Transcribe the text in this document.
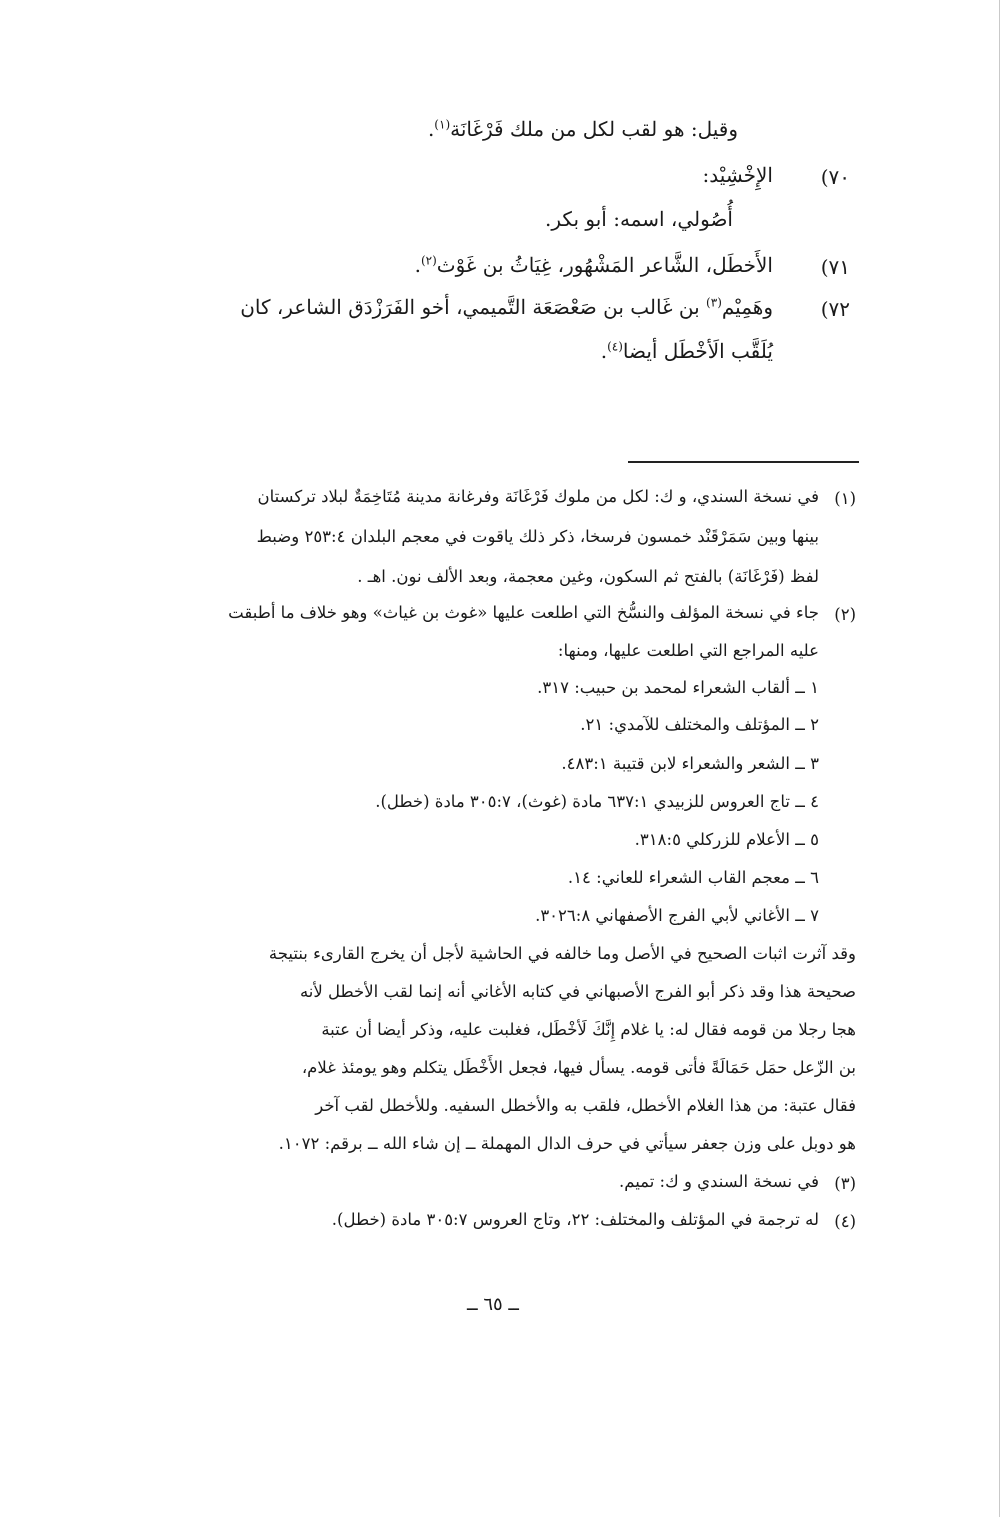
وقيل: هو لقب لكل من ملك فَرْغَانَة$^{(١)}$.
٧٠)
الإِخْشِيْد:
أُصُولي، اسمه: أبو بكر.
٧١)
الأَخطَل، الشَّاعر المَشْهُور، غِيَاثُ بن غَوْث$^{(٢)}$.
٧٢)
وهَمِيْم$^{(٣)}$ بن غَالب بن صَعْصَعَة التَّميمي، أخو الفَرَزْدَق الشاعر، كان
يُلَقَّب الَأخْطَل أيضا$^{(٤)}$.
(١)
في نسخة السندي، و ك: لكل من ملوك فَرْغَانَة وفرغانة مدينة مُتَاخِمَةٌ لبلاد تركستان
بينها وبين سَمَرْقَنْد خمسون فرسخا، ذكر ذلك ياقوت في معجم البلدان ٢٥٣:٤ وضبط
لفظ (فَرْغَانَة) بالفتح ثم السكون، وغين معجمة، وبعد الألف نون. اهـ .
(٢)
جاء في نسخة المؤلف والنسُّخ التي اطلعت عليها «غوث بن غياث» وهو خلاف ما أطبقت
عليه المراجع التي اطلعت عليها، ومنها:
١ ــ ألقاب الشعراء لمحمد بن حبيب: ٣١٧.
٢ ــ المؤتلف والمختلف للآمدي: ٢١.
٣ ــ الشعر والشعراء لابن قتيبة ٤٨٣:١.
٤ ــ تاج العروس للزبيدي ٦٣٧:١ مادة (غوث)، ٣٠٥:٧ مادة (خطل).
٥ ــ الأعلام للزركلي ٣١٨:٥.
٦ ــ معجم القاب الشعراء للعاني: ١٤.
٧ ــ الأغاني لأبي الفرج الأصفهاني ٣٠٢٦:٨.
وقد آثرت اثبات الصحيح في الأصل وما خالفه في الحاشية لأجل أن يخرج القارىء بنتيجة
صحيحة هذا وقد ذكر أبو الفرج الأصبهاني في كتابه الأغاني أنه إنما لقب الأخطل لأنه
هجا رجلا من قومه فقال له: يا غلام إِنَّكَ لَأخْطَل، فغلبت عليه، وذكر أيضا أن عتبة
بن الزّعل حمَل حَمَالَةً فأتى قومه. يسأل فيها، فجعل الأَخْطَل يتكلم وهو يومئذ غلام،
فقال عتبة: من هذا الغلام الأخطل، فلقب به والأخطل السفيه. وللأخطل لقب آخر
هو دوبل على وزن جعفر سيأتي في حرف الدال المهملة ــ إن شاء الله ــ برقم: ١٠٧٢.
(٣)
في نسخة السندي و ك: تميم.
(٤)
له ترجمة في المؤتلف والمختلف: ٢٢، وتاج العروس ٣٠٥:٧ مادة (خطل).
ــ ٦٥ ــ
